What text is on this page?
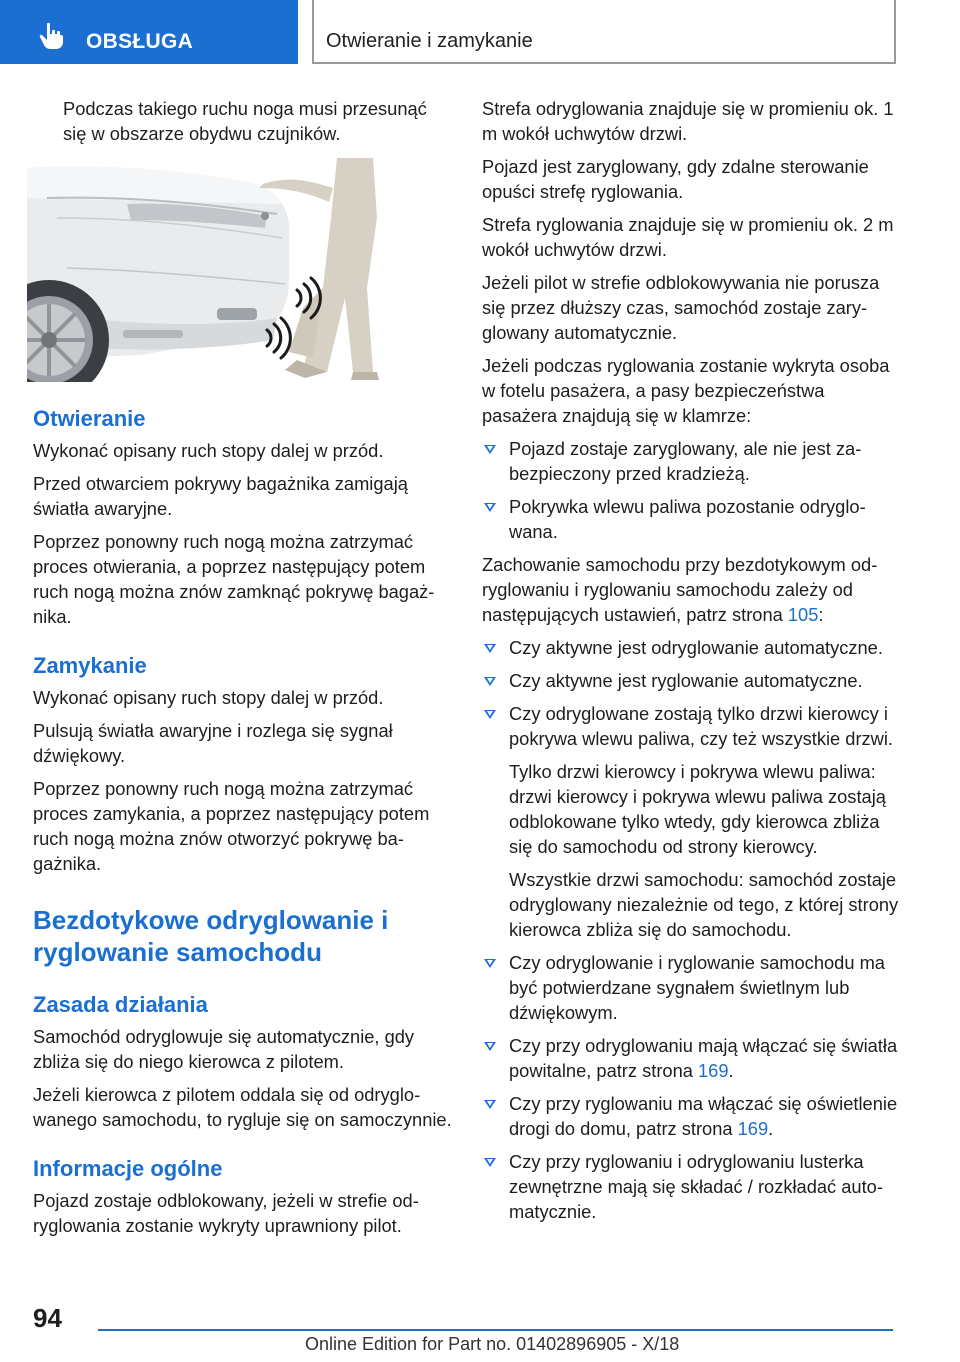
OBSŁUGA	Otwieranie i zamykanie

Podczas takiego ruchu noga musi przesunąć się w obszarze obydwu czujników.

Otwieranie

Wykonać opisany ruch stopy dalej w przód.

Przed otwarciem pokrywy bagażnika zamigają światła awaryjne.

Poprzez ponowny ruch nogą można zatrzymać proces otwierania, a poprzez następujący potem ruch nogą można znów zamknąć pokrywę bagażnika.

Zamykanie

Wykonać opisany ruch stopy dalej w przód.

Pulsują światła awaryjne i rozlega się sygnał dźwiękowy.

Poprzez ponowny ruch nogą można zatrzymać proces zamykania, a poprzez następujący potem ruch nogą można znów otworzyć pokrywę bagażnika.

Bezdotykowe odryglowanie i ryglowanie samochodu
Zasada działania

Samochód odryglowuje się automatycznie, gdy zbliża się do niego kierowca z pilotem.

Jeżeli kierowca z pilotem oddala się od odryglowanego samochodu, to rygluje się on samoczynnie.

Informacje ogólne

Pojazd zostaje odblokowany, jeżeli w strefie odryglowania zostanie wykryty uprawniony pilot.

Strefa odryglowania znajduje się w promieniu ok. 1 m wokół uchwytów drzwi.

Pojazd jest zaryglowany, gdy zdalne sterowanie opuści strefę ryglowania.

Strefa ryglowania znajduje się w promieniu ok. 2 m wokół uchwytów drzwi.

Jeżeli pilot w strefie odblokowywania nie porusza się przez dłuższy czas, samochód zostaje zaryglowany automatycznie.

Jeżeli podczas ryglowania zostanie wykryta osoba w fotelu pasażera, a pasy bezpieczeństwa pasażera znajdują się w klamrze:

Pojazd zostaje zaryglowany, ale nie jest zabezpieczony przed kradzieżą.
Pokrywka wlewu paliwa pozostanie odryglowana.

Zachowanie samochodu przy bezdotykowym odryglowaniu i ryglowaniu samochodu zależy od następujących ustawień, patrz strona 105:

Czy aktywne jest odryglowanie automatyczne.
Czy aktywne jest ryglowanie automatyczne.
Czy odryglowane zostają tylko drzwi kierowcy i pokrywa wlewu paliwa, czy też wszystkie drzwi.
Tylko drzwi kierowcy i pokrywa wlewu paliwa: drzwi kierowcy i pokrywa wlewu paliwa zostają odblokowane tylko wtedy, gdy kierowca zbliża się do samochodu od strony kierowcy.
Wszystkie drzwi samochodu: samochód zostaje odryglowany niezależnie od tego, z której strony kierowca zbliża się do samochodu.
Czy odryglowanie i ryglowanie samochodu ma być potwierdzane sygnałem świetlnym lub dźwiękowym.
Czy przy odryglowaniu mają włączać się światła powitalne, patrz strona 169.
Czy przy ryglowaniu ma włączać się oświetlenie drogi do domu, patrz strona 169.
Czy przy ryglowaniu i odryglowaniu lusterka zewnętrzne mają się składać / rozkładać automatycznie.
94
Online Edition for Part no. 01402896905 - X/18
